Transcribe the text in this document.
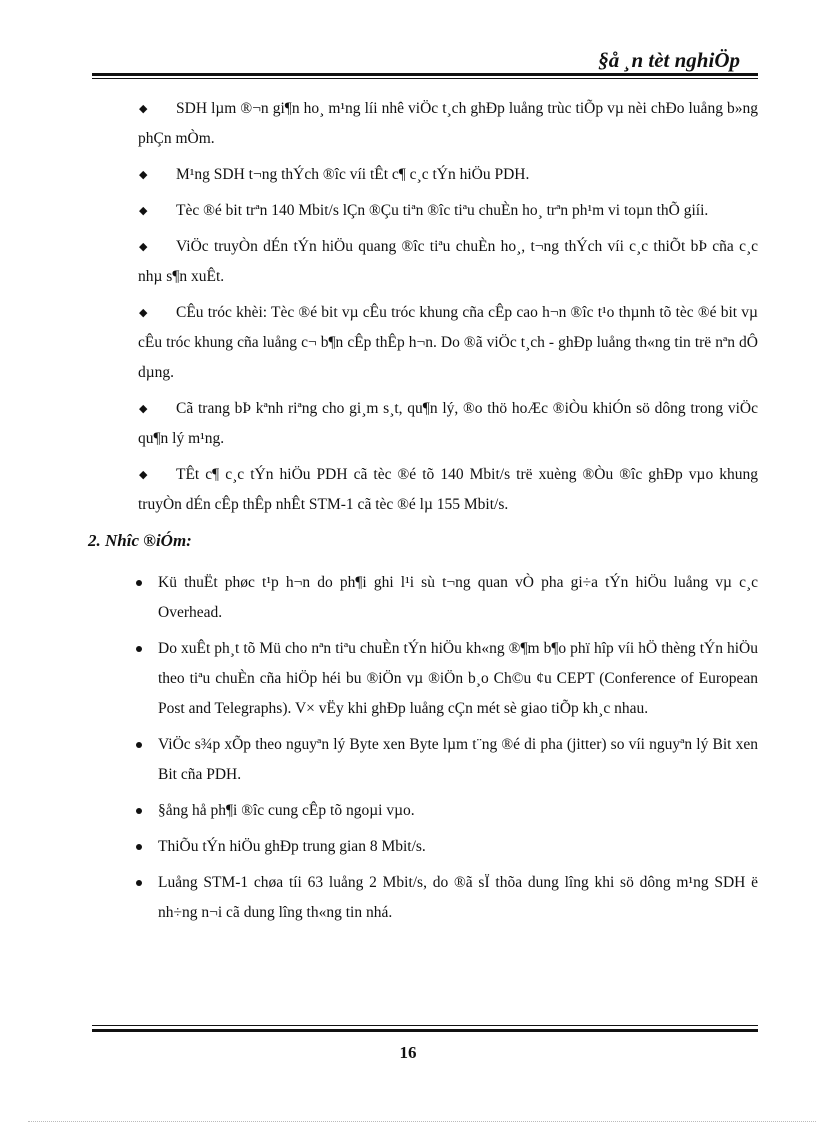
§å ¸n tèt nghiÖp
◆	SDH lµm ®¬n gi¶n ho¸ m¹ng líi nhê viÖc t¸ch ghÐp luång trùc tiÕp vµ nèi chÐo luång b»ng phÇn mÒm.
◆	M¹ng SDH t¬ng thÝch ®îc víi tÊt c¶ c¸c tÝn hiÖu PDH.
◆	Tèc ®é bit trªn 140 Mbit/s lÇn ®Çu tiªn ®îc tiªu chuÈn ho¸ trªn ph¹m vi toµn thÕ giíi.
◆	ViÖc truyÒn dÉn tÝn hiÖu quang ®îc tiªu chuÈn ho¸, t¬ng thÝch víi c¸c thiÕt bÞ cña c¸c nhµ s¶n xuÊt.
◆	CÊu tróc khèi: Tèc ®é bit vµ cÊu tróc khung cña cÊp cao h¬n ®îc t¹o thµnh tõ tèc ®é bit vµ cÊu tróc khung cña luång c¬ b¶n cÊp thÊp h¬n. Do ®ã viÖc t¸ch - ghÐp luång th«ng tin trë nªn dÔ dµng.
◆	Cã trang bÞ kªnh riªng cho gi¸m s¸t, qu¶n lý, ®o thö hoÆc ®iÒu khiÓn sö dông trong viÖc qu¶n lý m¹ng.
◆	TÊt c¶ c¸c tÝn hiÖu PDH cã tèc ®é tõ 140 Mbit/s trë xuèng ®Òu ®îc ghÐp vµo khung truyÒn dÉn cÊp thÊp nhÊt STM-1 cã tèc ®é lµ 155 Mbit/s.
2. Nhîc ®iÓm:
Kü thuËt phøc t¹p h¬n do ph¶i ghi l¹i sù t¬ng quan vÒ pha gi÷a tÝn hiÖu luång vµ c¸c Overhead.
Do xuÊt ph¸t tõ Mü cho nªn tiªu chuÈn tÝn hiÖu kh«ng ®¶m b¶o phï hîp víi hÖ thèng tÝn hiÖu theo tiªu chuÈn cña hiÖp héi bu ®iÖn vµ ®iÖn b¸o Ch©u ¢u CEPT (Conference of European Post and Telegraphs). V× vËy khi ghÐp luång cÇn mét sè giao tiÕp kh¸c nhau.
ViÖc s¾p xÕp theo nguyªn lý Byte xen Byte lµm t¨ng ®é di pha (jitter) so víi nguyªn lý Bit xen Bit cña PDH.
§ång hå ph¶i ®îc cung cÊp tõ ngoµi vµo.
ThiÕu tÝn hiÖu ghÐp trung gian 8 Mbit/s.
Luång STM-1 chøa tíi 63 luång 2 Mbit/s, do ®ã sÏ thõa dung lîng khi sö dông m¹ng SDH ë nh÷ng n¬i cã dung lîng th«ng tin nhá.
16
